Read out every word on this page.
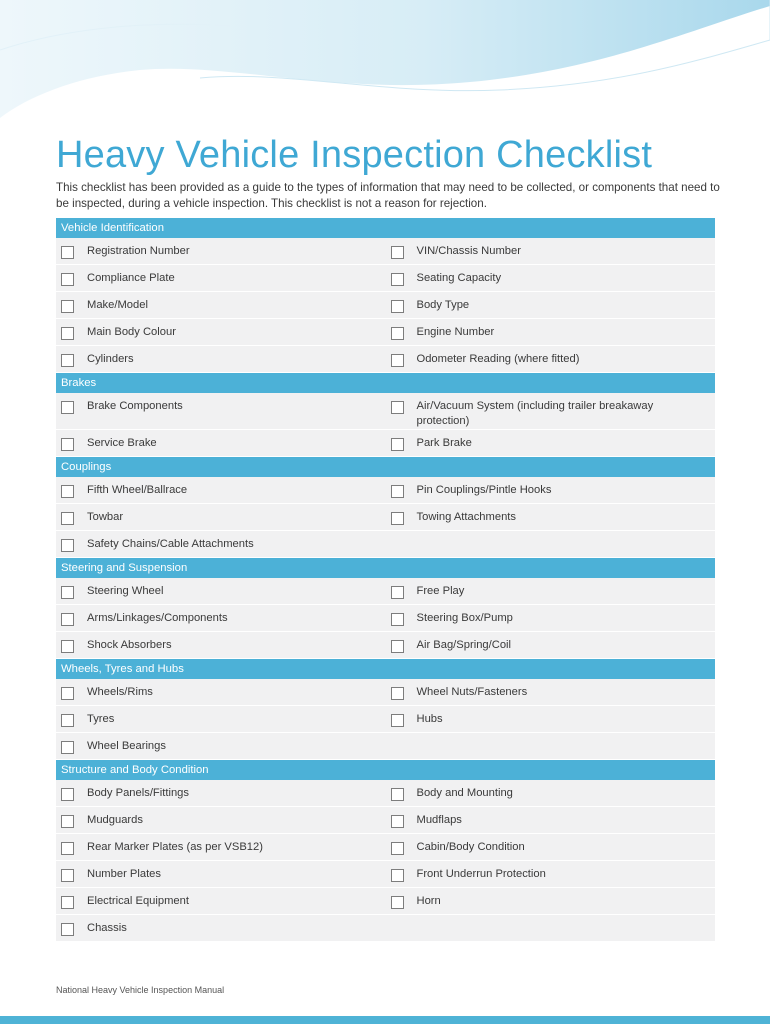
Heavy Vehicle Inspection Checklist
This checklist has been provided as a guide to the types of information that may need to be collected, or components that need to be inspected, during a vehicle inspection. This checklist is not a reason for rejection.
Vehicle Identification
Registration Number	VIN/Chassis Number
Compliance Plate	Seating Capacity
Make/Model	Body Type
Main Body Colour	Engine Number
Cylinders	Odometer Reading (where fitted)
Brakes
Brake Components	Air/Vacuum System (including trailer breakaway protection)
Service Brake	Park Brake
Couplings
Fifth Wheel/Ballrace	Pin Couplings/Pintle Hooks
Towbar	Towing Attachments
Safety Chains/Cable Attachments
Steering and Suspension
Steering Wheel	Free Play
Arms/Linkages/Components	Steering Box/Pump
Shock Absorbers	Air Bag/Spring/Coil
Wheels, Tyres and Hubs
Wheels/Rims	Wheel Nuts/Fasteners
Tyres	Hubs
Wheel Bearings
Structure and Body Condition
Body Panels/Fittings	Body and Mounting
Mudguards	Mudflaps
Rear Marker Plates (as per VSB12)	Cabin/Body Condition
Number Plates	Front Underrun Protection
Electrical Equipment	Horn
Chassis
National Heavy Vehicle Inspection Manual
